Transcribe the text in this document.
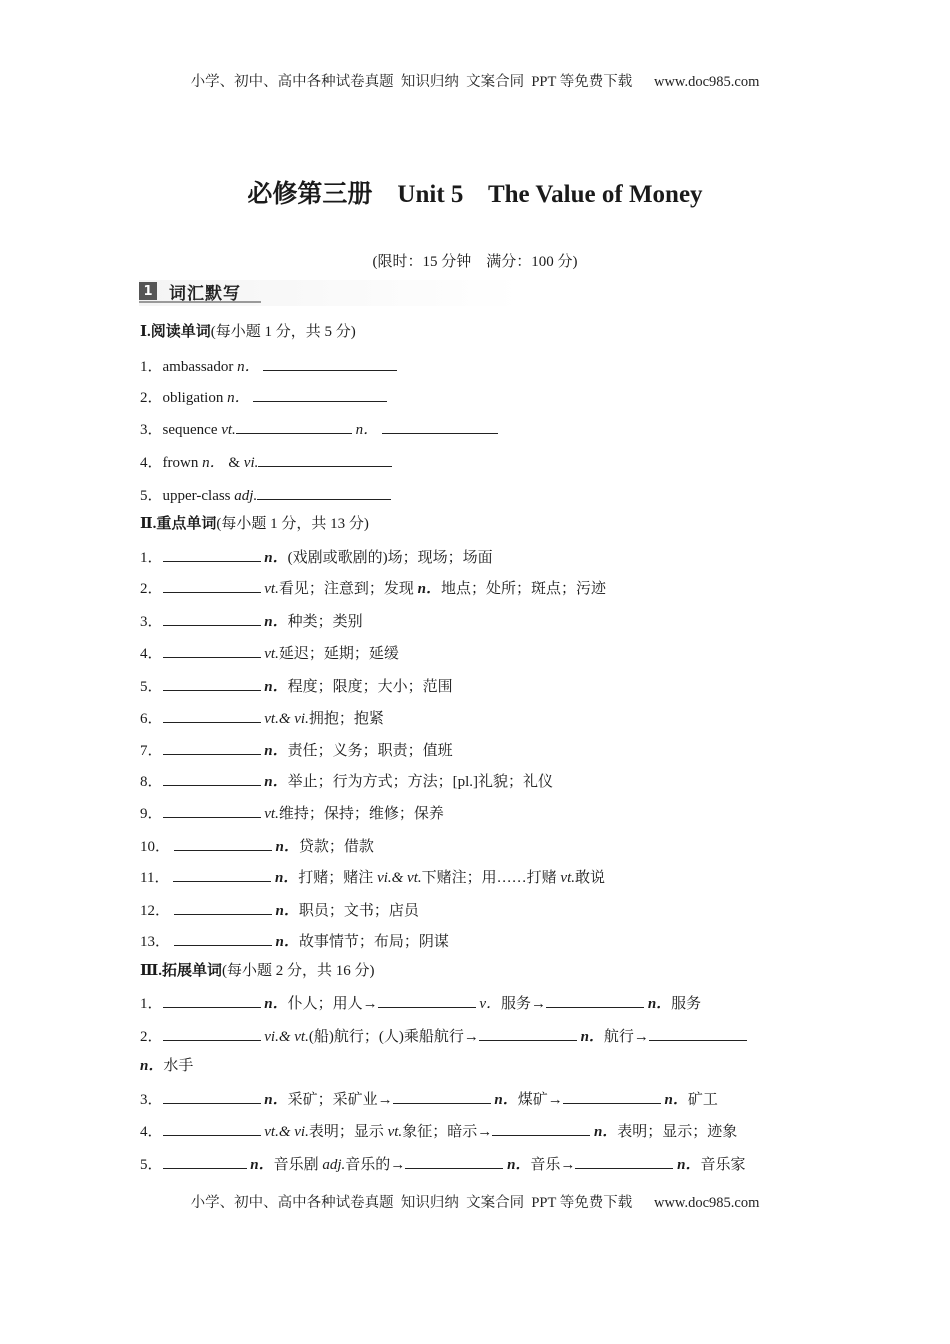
小学、初中、高中各种试卷真题  知识归纳  文案合同  PPT 等免费下载      www.doc985.com
必修第三册    Unit 5    The Value of Money
(限时：15 分钟    满分：100 分)
1 词汇默写
Ⅰ.阅读单词(每小题 1 分，共 5 分)
1．ambassador n．
2．obligation n．
3．sequence vt.	n．
4．frown n． & vi.
5．upper-class adj.
Ⅱ.重点单词(每小题 1 分，共 13 分)
1．	n．(戏剧或歌剧的)场；现场；场面
2．	vt.看见；注意到；发现 n．地点；处所；斑点；污迹
3．	n．种类；类别
4．	vt.延迟；延期；延缓
5．	n．程度；限度；大小；范围
6．	vt.& vi.拥抱；抱紧
7．	n．责任；义务；职责；值班
8．	n．举止；行为方式；方法；[pl.]礼貌；礼仪
9．	vt.维持；保持；维修；保养
10．	n．贷款；借款
11．	n．打赌；赌注 vi.& vt.下赌注；用……打赌 vt.敢说
12．	n．职员；文书；店员
13．	n．故事情节；布局；阴谋
Ⅲ.拓展单词(每小题 2 分，共 16 分)
1．	n．仆人；用人→	v．服务→	n．服务
2．	vi.& vt.(船)航行；(人)乘船航行→	n．航行→
n．水手
3．	n．采矿；采矿业→	n．煤矿→	n．矿工
4．	vt.& vi.表明；显示 vt.象征；暗示→	n．表明；显示；迹象
5．	n．音乐剧 adj.音乐的→	n．音乐→	n．音乐家
小学、初中、高中各种试卷真题  知识归纳  文案合同  PPT 等免费下载      www.doc985.com
